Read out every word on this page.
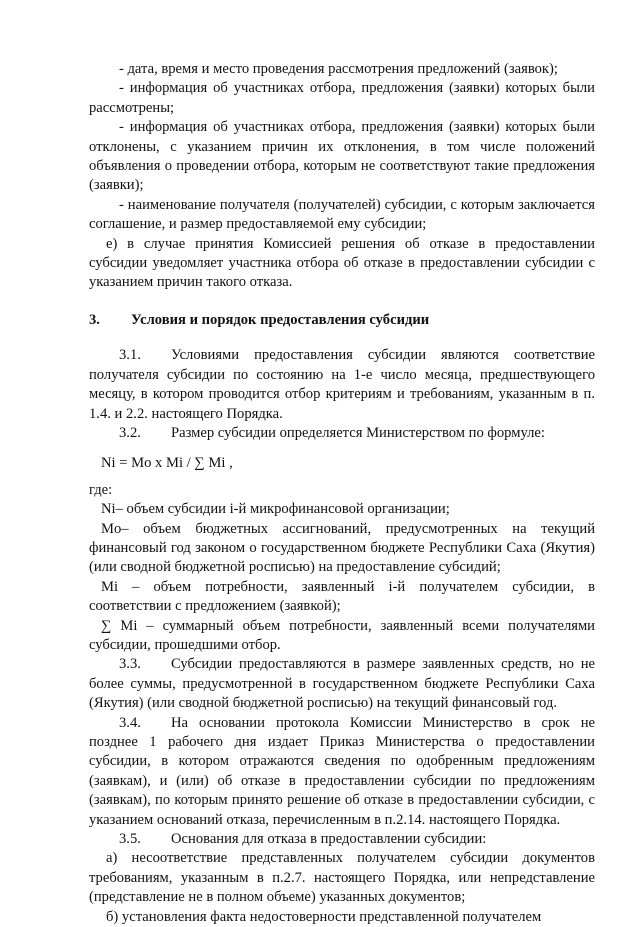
- дата, время и место проведения рассмотрения предложений (заявок);

- информация об участниках отбора, предложения (заявки) которых были рассмотрены;

- информация об участниках отбора, предложения (заявки) которых были отклонены, с указанием причин их отклонения, в том числе положений объявления о проведении отбора, которым не соответствуют такие предложения (заявки);

- наименование получателя (получателей) субсидии, с которым заключается соглашение, и размер предоставляемой ему субсидии;

е) в случае принятия Комиссией решения об отказе в предоставлении субсидии уведомляет участника отбора об отказе в предоставлении субсидии с указанием причин такого отказа.

3. Условия и порядок предоставления субсидии

3.1. Условиями предоставления субсидии являются соответствие получателя субсидии по состоянию на 1-е число месяца, предшествующего месяцу, в котором проводится отбор критериям и требованиям, указанным в п. 1.4. и 2.2. настоящего Порядка.

3.2. Размер субсидии определяется Министерством по формуле:

Ni = Mo x Mi / ∑ Mi ,

где:

Ni– объем субсидии i-й микрофинансовой организации;

Mo– объем бюджетных ассигнований, предусмотренных на текущий финансовый год законом о государственном бюджете Республики Саха (Якутия) (или сводной бюджетной росписью) на предоставление субсидий;

Mi – объем потребности, заявленный i-й получателем субсидии, в соответствии с предложением (заявкой);

∑ Mi – суммарный объем потребности, заявленный всеми получателями субсидии, прошедшими отбор.

3.3. Субсидии предоставляются в размере заявленных средств, но не более суммы, предусмотренной в государственном бюджете Республики Саха (Якутия) (или сводной бюджетной росписью) на текущий финансовый год.

3.4. На основании протокола Комиссии Министерство в срок не позднее 1 рабочего дня издает Приказ Министерства о предоставлении субсидии, в котором отражаются сведения по одобренным предложениям (заявкам), и (или) об отказе в предоставлении субсидии по предложениям (заявкам), по которым принято решение об отказе в предоставлении субсидии, с указанием оснований отказа, перечисленным в п.2.14. настоящего Порядка.

3.5. Основания для отказа в предоставлении субсидии:

а) несоответствие представленных получателем субсидии документов требованиям, указанным в п.2.7. настоящего Порядка, или непредставление (представление не в полном объеме) указанных документов;

б) установления факта недостоверности представленной получателем
